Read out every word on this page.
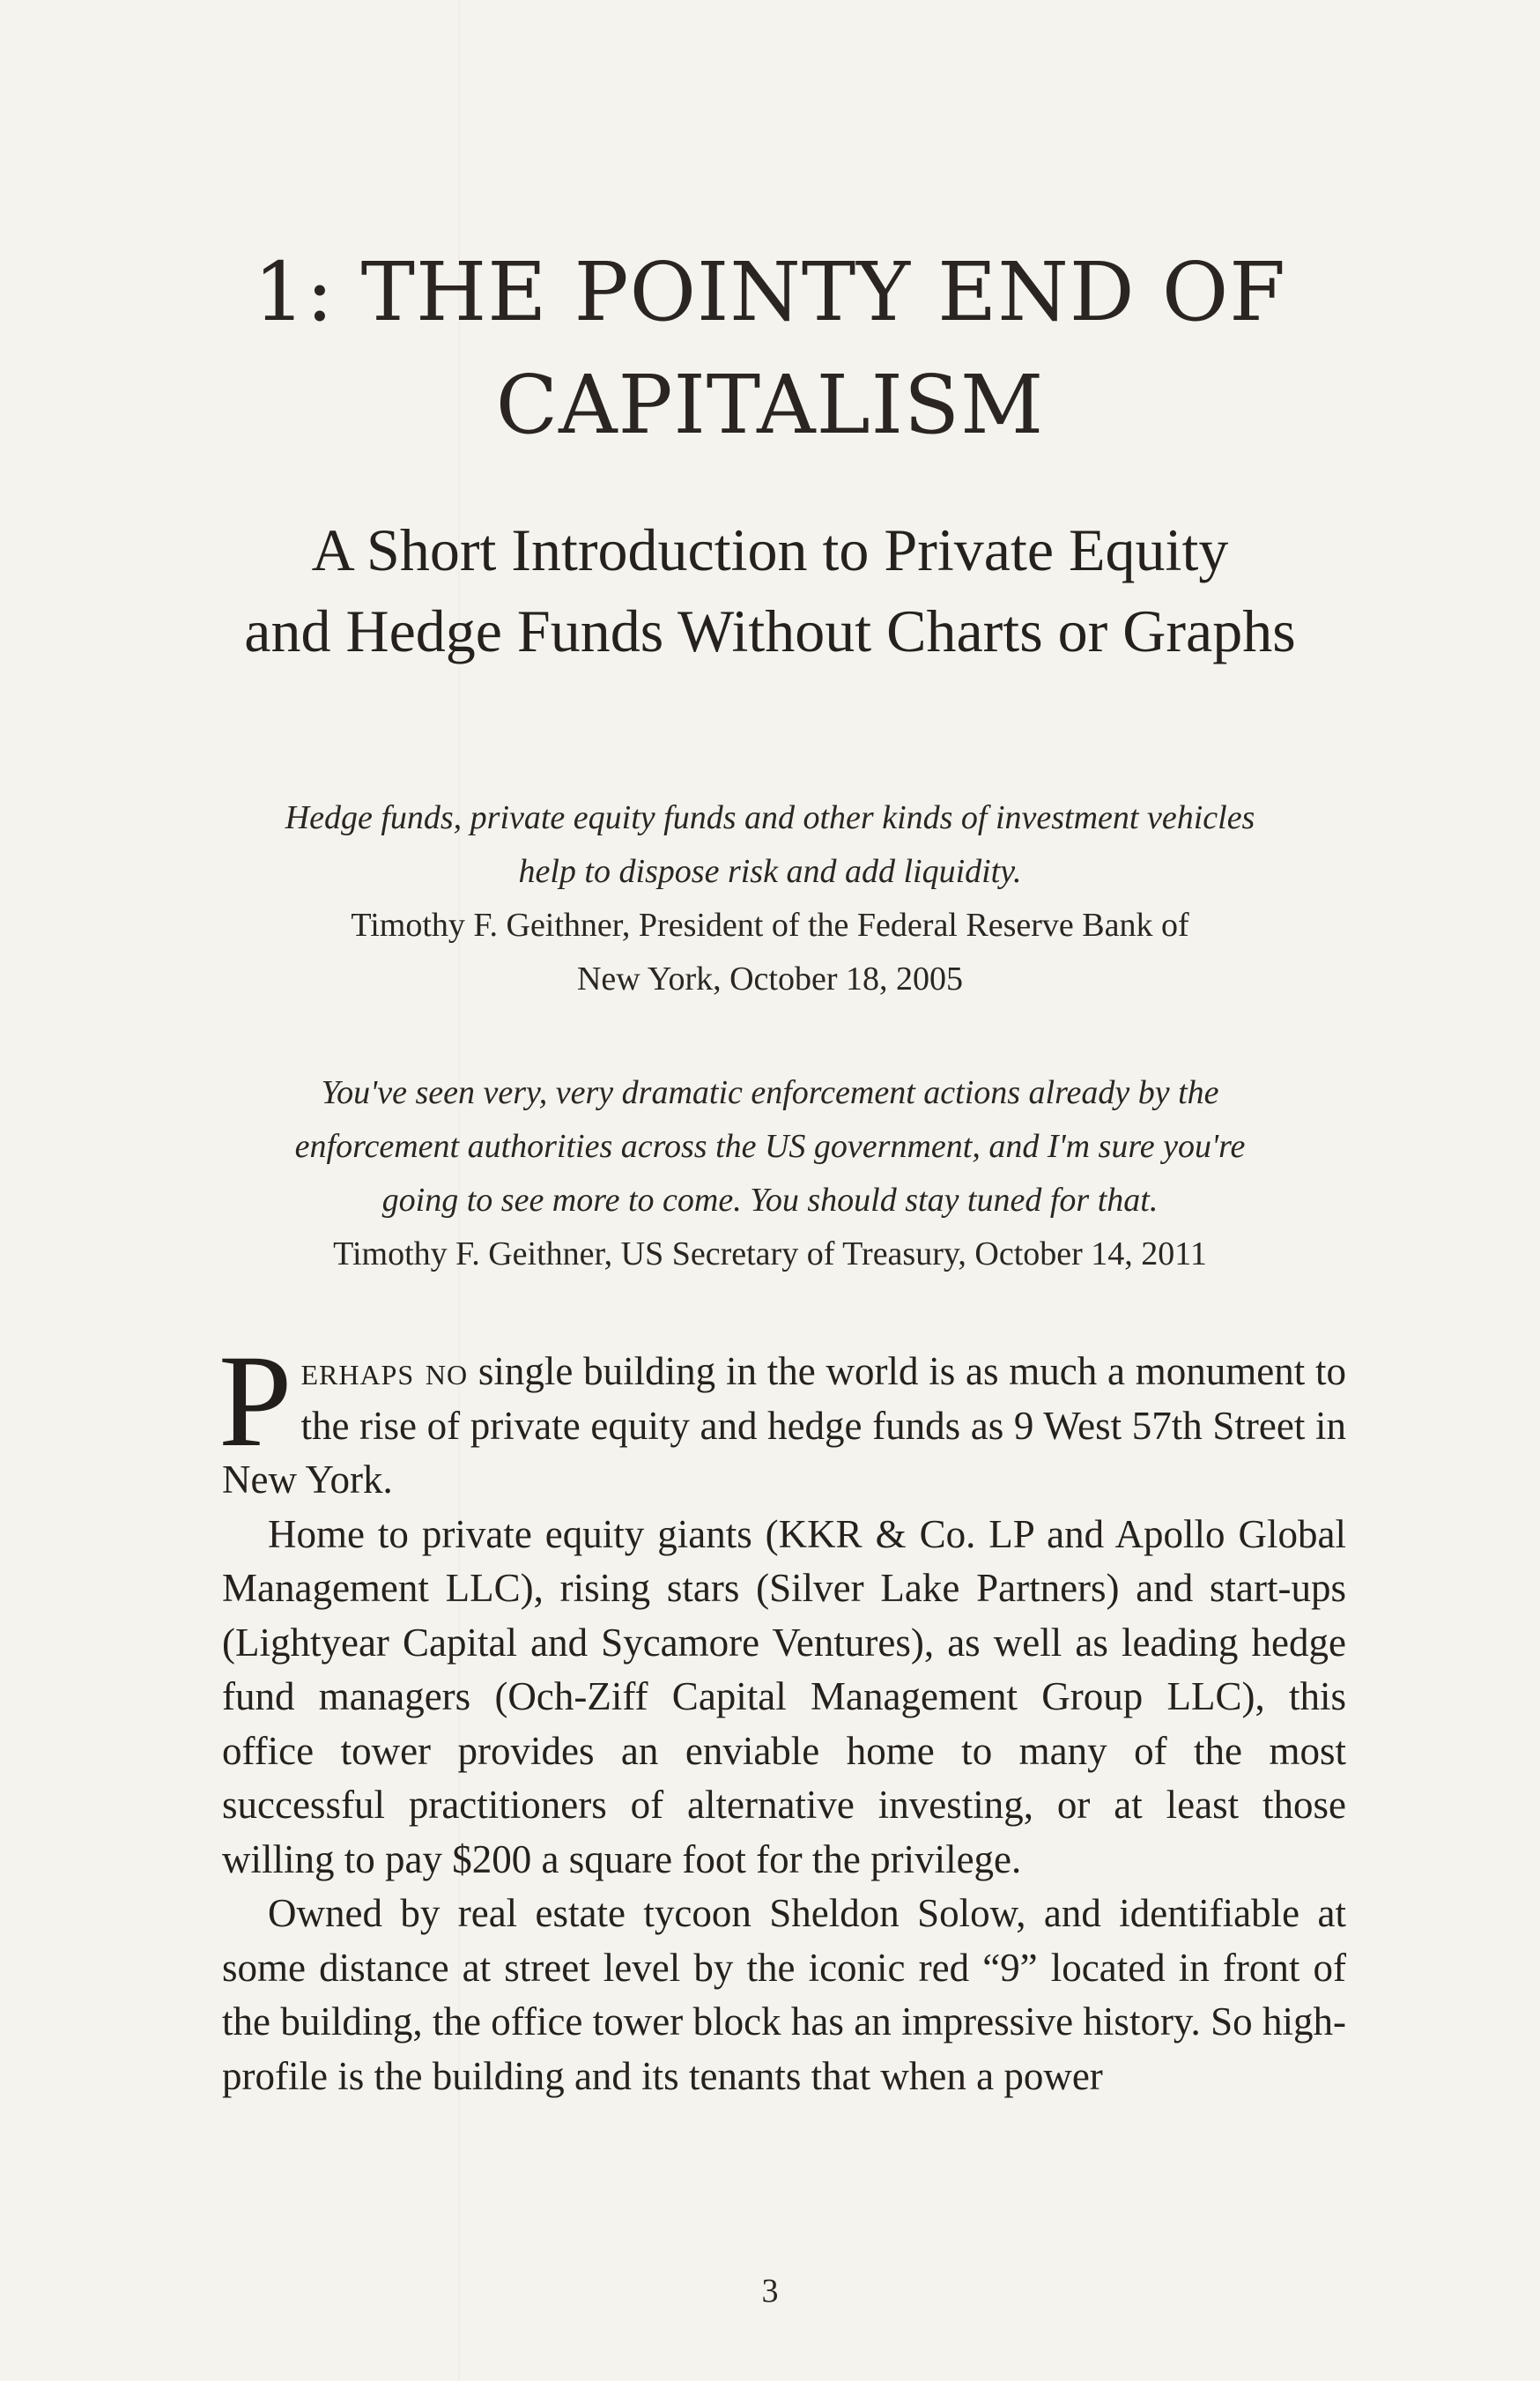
1: THE POINTY END OF
CAPITALISM
A Short Introduction to Private Equity
and Hedge Funds Without Charts or Graphs

Hedge funds, private equity funds and other kinds of investment vehicles
help to dispose risk and add liquidity.

Timothy F. Geithner, President of the Federal Reserve Bank of
New York, October 18, 2005

You've seen very, very dramatic enforcement actions already by the
enforcement authorities across the US government, and I'm sure you're
going to see more to come. You should stay tuned for that.

Timothy F. Geithner, US Secretary of Treasury, October 14, 2011

Perhaps no single building in the world is as much a monument to the rise of private equity and hedge funds as 9 West 57th Street in New York.

Home to private equity giants (KKR & Co. LP and Apollo Global Management LLC), rising stars (Silver Lake Partners) and start-ups (Lightyear Capital and Sycamore Ventures), as well as leading hedge fund managers (Och-Ziff Capital Management Group LLC), this office tower provides an enviable home to many of the most successful practitioners of alternative investing, or at least those willing to pay $200 a square foot for the privilege.

Owned by real estate tycoon Sheldon Solow, and identifiable at some distance at street level by the iconic red “9” located in front of the building, the office tower block has an impressive history. So high-profile is the building and its tenants that when a power

3
